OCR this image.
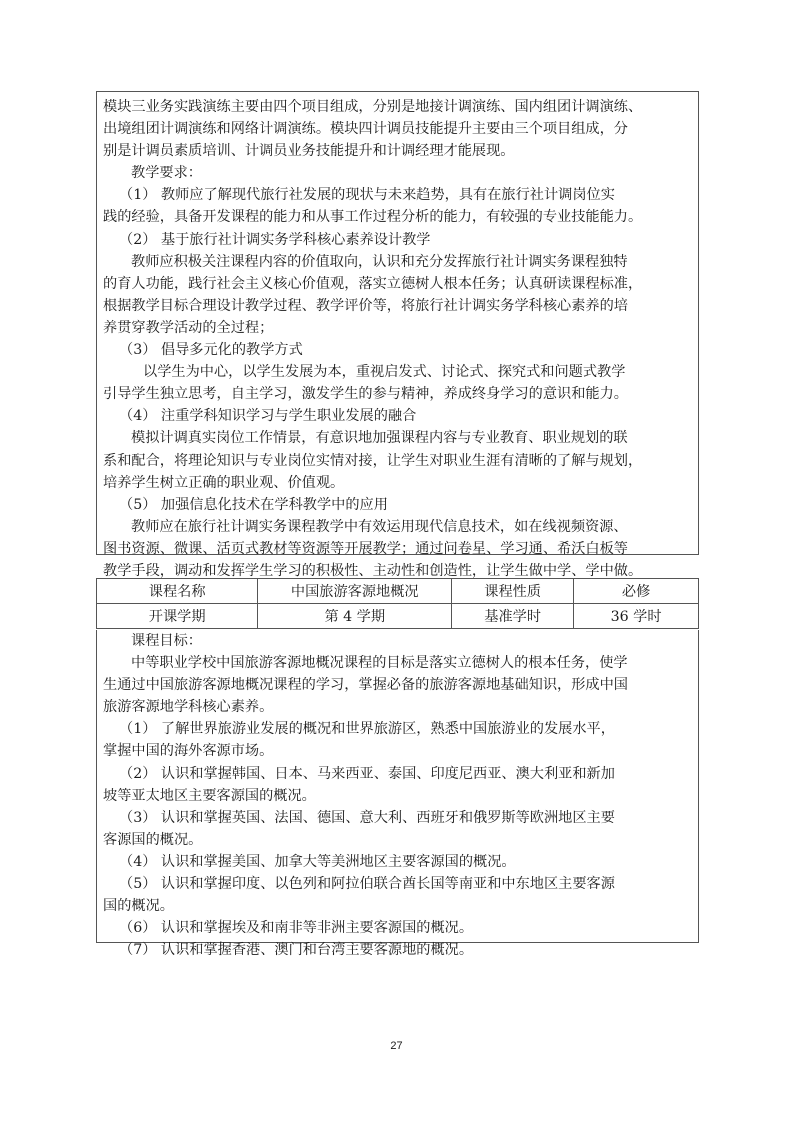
模块三业务实践演练主要由四个项目组成，分别是地接计调演练、国内组团计调演练、

出境组团计调演练和网络计调演练。模块四计调员技能提升主要由三个项目组成，分

别是计调员素质培训、计调员业务技能提升和计调经理才能展现。

教学要求：

（1） 教师应了解现代旅行社发展的现状与未来趋势，具有在旅行社计调岗位实

践的经验，具备开发课程的能力和从事工作过程分析的能力，有较强的专业技能能力。

（2） 基于旅行社计调实务学科核心素养设计教学

教师应积极关注课程内容的价值取向，认识和充分发挥旅行社计调实务课程独特

的育人功能，践行社会主义核心价值观，落实立德树人根本任务；认真研读课程标准，

根据教学目标合理设计教学过程、教学评价等，将旅行社计调实务学科核心素养的培

养贯穿教学活动的全过程；

（3） 倡导多元化的教学方式

以学生为中心，以学生发展为本，重视启发式、讨论式、探究式和问题式教学

引导学生独立思考，自主学习，激发学生的参与精神，养成终身学习的意识和能力。

（4） 注重学科知识学习与学生职业发展的融合

模拟计调真实岗位工作情景，有意识地加强课程内容与专业教育、职业规划的联

系和配合，将理论知识与专业岗位实情对接，让学生对职业生涯有清晰的了解与规划，

培养学生树立正确的职业观、价值观。

（5） 加强信息化技术在学科教学中的应用

教师应在旅行社计调实务课程教学中有效运用现代信息技术，如在线视频资源、

图书资源、微课、活页式教材等资源等开展教学；通过问卷星、学习通、希沃白板等

教学手段，调动和发挥学生学习的积极性、主动性和创造性，让学生做中学、学中做。

课程名称	中国旅游客源地概况	课程性质	必修
开课学期	第 4 学期	基准学时	36 学时

课程目标：

中等职业学校中国旅游客源地概况课程的目标是落实立德树人的根本任务，使学

生通过中国旅游客源地概况课程的学习，掌握必备的旅游客源地基础知识，形成中国

旅游客源地学科核心素养。

（1） 了解世界旅游业发展的概况和世界旅游区，熟悉中国旅游业的发展水平，

掌握中国的海外客源市场。

（2） 认识和掌握韩国、日本、马来西亚、泰国、印度尼西亚、澳大利亚和新加

坡等亚太地区主要客源国的概况。

（3） 认识和掌握英国、法国、德国、意大利、西班牙和俄罗斯等欧洲地区主要

客源国的概况。

（4） 认识和掌握美国、加拿大等美洲地区主要客源国的概况。

（5） 认识和掌握印度、以色列和阿拉伯联合酋长国等南亚和中东地区主要客源

国的概况。

（6） 认识和掌握埃及和南非等非洲主要客源国的概况。

（7） 认识和掌握香港、澳门和台湾主要客源地的概况。

27
